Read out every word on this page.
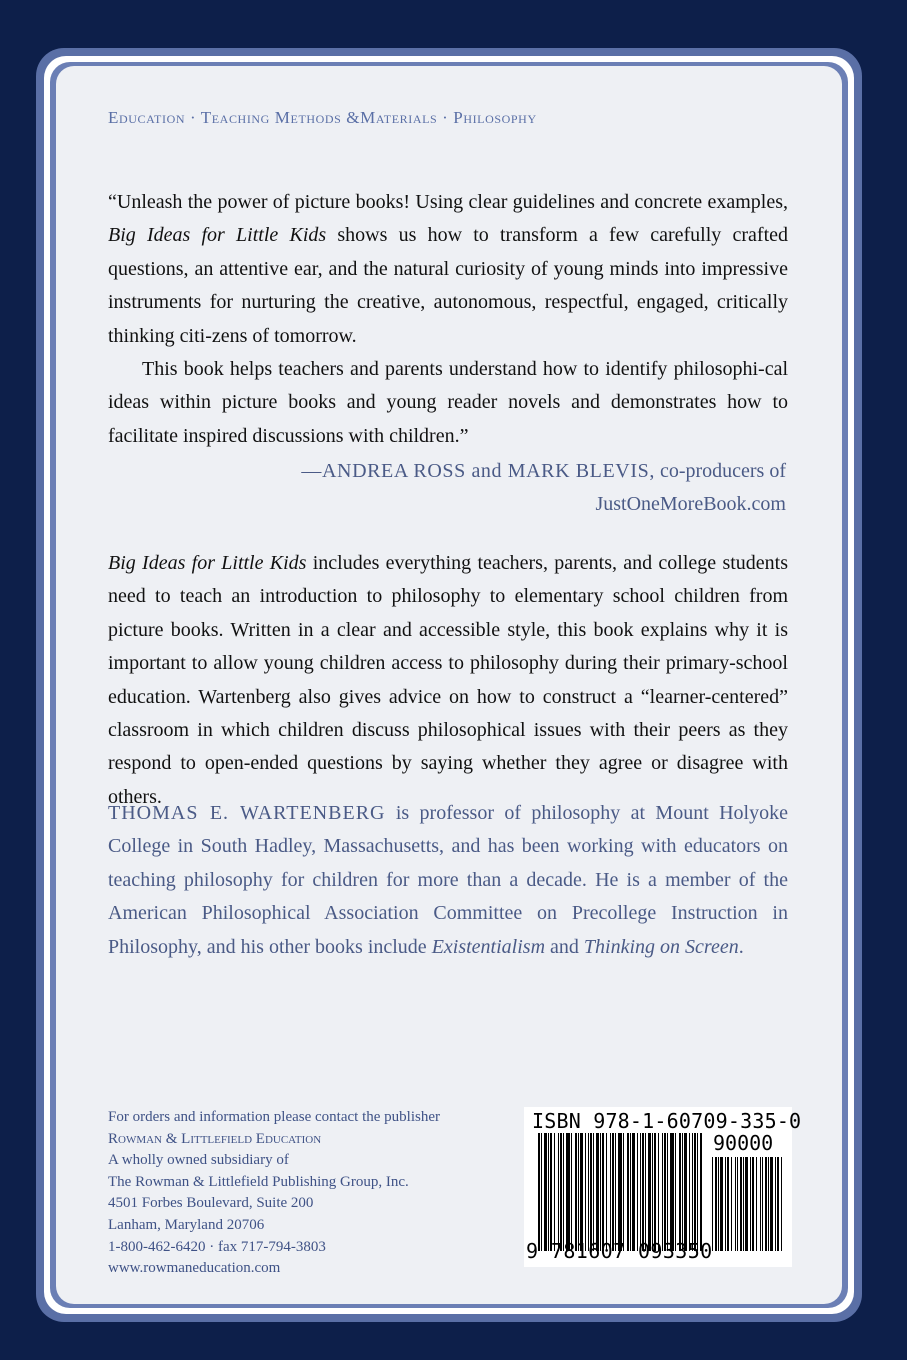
Education · Teaching Methods &Materials · Philosophy

“Unleash the power of picture books! Using clear guidelines and concrete examples, Big Ideas for Little Kids shows us how to transform a few carefully crafted questions, an attentive ear, and the natural curiosity of young minds into impressive instruments for nurturing the creative, autonomous, respectful, engaged, critically thinking citi-zens of tomorrow.

This book helps teachers and parents understand how to identify philosophi-cal ideas within picture books and young reader novels and demonstrates how to facilitate inspired discussions with children.”

—ANDREA ROSS and MARK BLEVIS, co-producers of
JustOneMoreBook.com

Big Ideas for Little Kids includes everything teachers, parents, and college students need to teach an introduction to philosophy to elementary school children from picture books. Written in a clear and accessible style, this book explains why it is important to allow young children access to philosophy during their primary-school education. Wartenberg also gives advice on how to construct a “learner-centered” classroom in which children discuss philosophical issues with their peers as they respond to open-ended questions by saying whether they agree or disagree with others.

THOMAS E. WARTENBERG is professor of philosophy at Mount Holyoke College in South Hadley, Massachusetts, and has been working with educators on teaching philosophy for children for more than a decade. He is a member of the American Philosophical Association Committee on Precollege Instruction in Philosophy, and his other books include Existentialism and Thinking on Screen.

For orders and information please contact the publisher
Rowman & Littlefield Education
A wholly owned subsidiary of
The Rowman & Littlefield Publishing Group, Inc.
4501 Forbes Boulevard, Suite 200
Lanham, Maryland 20706
1-800-462-6420 · fax 717-794-3803
www.rowmaneducation.com
ISBN 978-1-60709-335-0
90000
9 781607 093350
